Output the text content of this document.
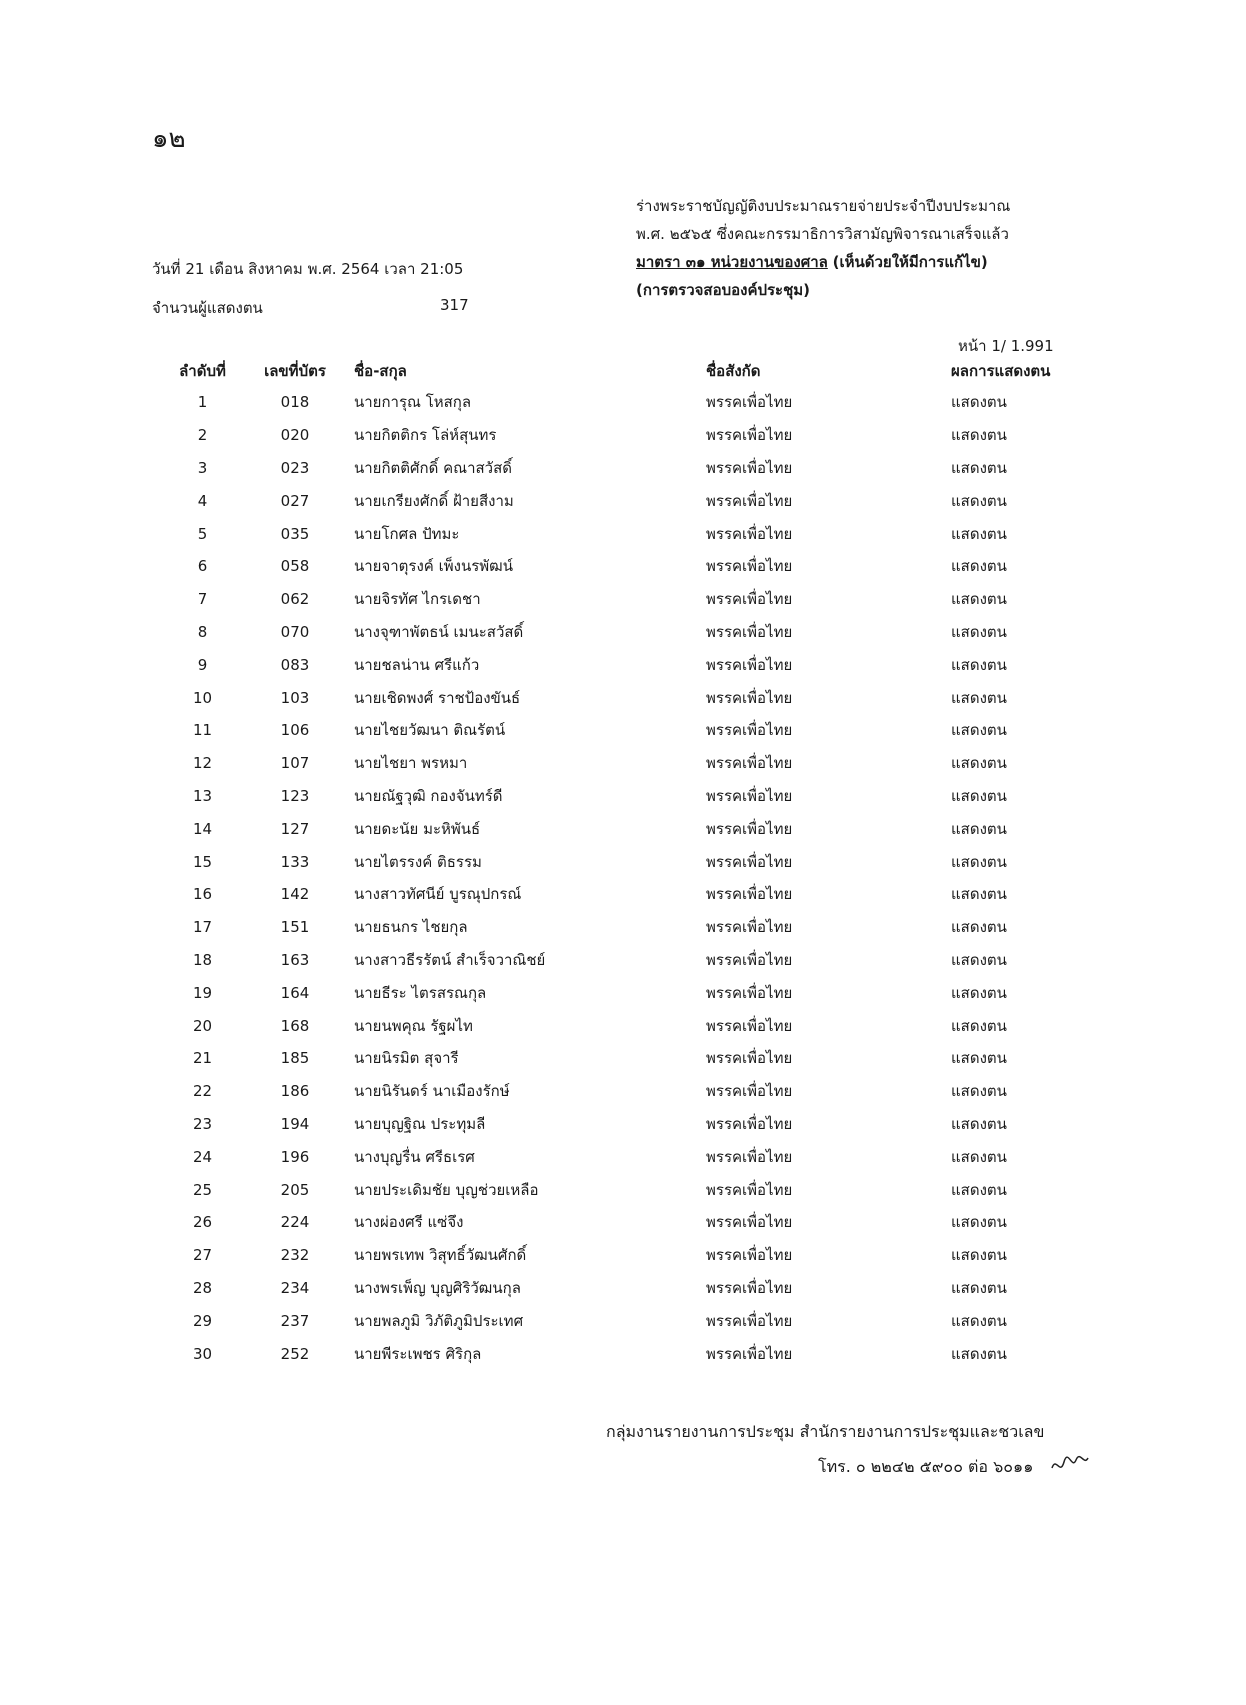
๑๒
ร่างพระราชบัญญัติงบประมาณรายจ่ายประจำปีงบประมาณ
พ.ศ. ๒๕๖๕ ซึ่งคณะกรรมาธิการวิสามัญพิจารณาเสร็จแล้ว
มาตรา ๓๑ หน่วยงานของศาล (เห็นด้วยให้มีการแก้ไข)
(การตรวจสอบองค์ประชุม)
วันที่ 21 เดือน สิงหาคม พ.ศ. 2564 เวลา 21:05
จำนวนผู้แสดงตน	317
หน้า 1/ 1.991
ลำดับที่	เลขที่บัตร	ชื่อ-สกุล	ชื่อสังกัด	ผลการแสดงตน
1	018	นายการุณ โหสกุล	พรรคเพื่อไทย	แสดงตน
2	020	นายกิตติกร โล่ห์สุนทร	พรรคเพื่อไทย	แสดงตน
3	023	นายกิตติศักดิ์ คณาสวัสดิ์	พรรคเพื่อไทย	แสดงตน
4	027	นายเกรียงศักดิ์ ฝ้ายสีงาม	พรรคเพื่อไทย	แสดงตน
5	035	นายโกศล ปัทมะ	พรรคเพื่อไทย	แสดงตน
6	058	นายจาตุรงค์ เพ็งนรพัฒน์	พรรคเพื่อไทย	แสดงตน
7	062	นายจิรทัศ ไกรเดชา	พรรคเพื่อไทย	แสดงตน
8	070	นางจุฑาพัตธน์ เมนะสวัสดิ์	พรรคเพื่อไทย	แสดงตน
9	083	นายชลน่าน ศรีแก้ว	พรรคเพื่อไทย	แสดงตน
10	103	นายเชิดพงศ์ ราชป้องขันธ์	พรรคเพื่อไทย	แสดงตน
11	106	นายไชยวัฒนา ติณรัตน์	พรรคเพื่อไทย	แสดงตน
12	107	นายไชยา พรหมา	พรรคเพื่อไทย	แสดงตน
13	123	นายณัฐวุฒิ กองจันทร์ดี	พรรคเพื่อไทย	แสดงตน
14	127	นายดะนัย มะหิพันธ์	พรรคเพื่อไทย	แสดงตน
15	133	นายไตรรงค์ ติธรรม	พรรคเพื่อไทย	แสดงตน
16	142	นางสาวทัศนีย์ บูรณุปกรณ์	พรรคเพื่อไทย	แสดงตน
17	151	นายธนกร ไชยกุล	พรรคเพื่อไทย	แสดงตน
18	163	นางสาวธีรรัตน์ สำเร็จวาณิชย์	พรรคเพื่อไทย	แสดงตน
19	164	นายธีระ ไตรสรณกุล	พรรคเพื่อไทย	แสดงตน
20	168	นายนพคุณ รัฐผไท	พรรคเพื่อไทย	แสดงตน
21	185	นายนิรมิต สุจารี	พรรคเพื่อไทย	แสดงตน
22	186	นายนิรันดร์ นาเมืองรักษ์	พรรคเพื่อไทย	แสดงตน
23	194	นายบุญฐิณ ประทุมลี	พรรคเพื่อไทย	แสดงตน
24	196	นางบุญรื่น ศรีธเรศ	พรรคเพื่อไทย	แสดงตน
25	205	นายประเดิมชัย บุญช่วยเหลือ	พรรคเพื่อไทย	แสดงตน
26	224	นางผ่องศรี แซ่จึง	พรรคเพื่อไทย	แสดงตน
27	232	นายพรเทพ วิสุทธิ์วัฒนศักดิ์	พรรคเพื่อไทย	แสดงตน
28	234	นางพรเพ็ญ บุญศิริวัฒนกุล	พรรคเพื่อไทย	แสดงตน
29	237	นายพลภูมิ วิภัติภูมิประเทศ	พรรคเพื่อไทย	แสดงตน
30	252	นายพีระเพชร ศิริกุล	พรรคเพื่อไทย	แสดงตน
กลุ่มงานรายงานการประชุม สำนักรายงานการประชุมและชวเลข
โทร. ๐ ๒๒๔๒ ๕๙๐๐ ต่อ ๖๐๑๑
